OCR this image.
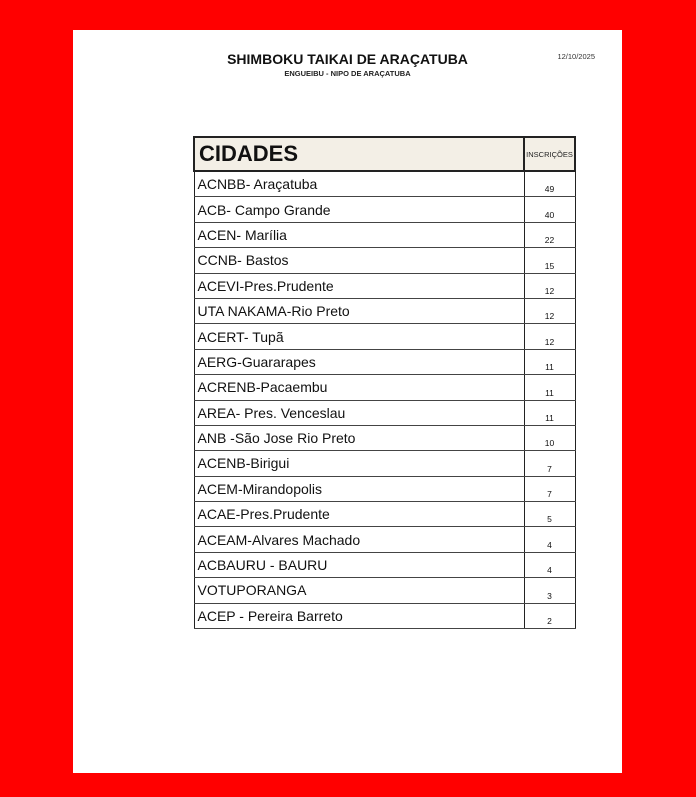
SHIMBOKU TAIKAI DE ARAÇATUBA
ENGUEIBU - NIPO DE ARAÇATUBA
12/10/2025
CIDADES	INSCRIÇÕES
ACNBB- Araçatuba	49
ACB- Campo Grande	40
ACEN- Marília	22
CCNB- Bastos	15
ACEVI-Pres.Prudente	12
UTA NAKAMA-Rio Preto	12
ACERT- Tupã	12
AERG-Guararapes	11
ACRENB-Pacaembu	11
AREA- Pres. Venceslau	11
ANB -São Jose Rio Preto	10
ACENB-Birigui	7
ACEM-Mirandopolis	7
ACAE-Pres.Prudente	5
ACEAM-Alvares Machado	4
ACBAURU - BAURU	4
VOTUPORANGA	3
ACEP - Pereira Barreto	2
